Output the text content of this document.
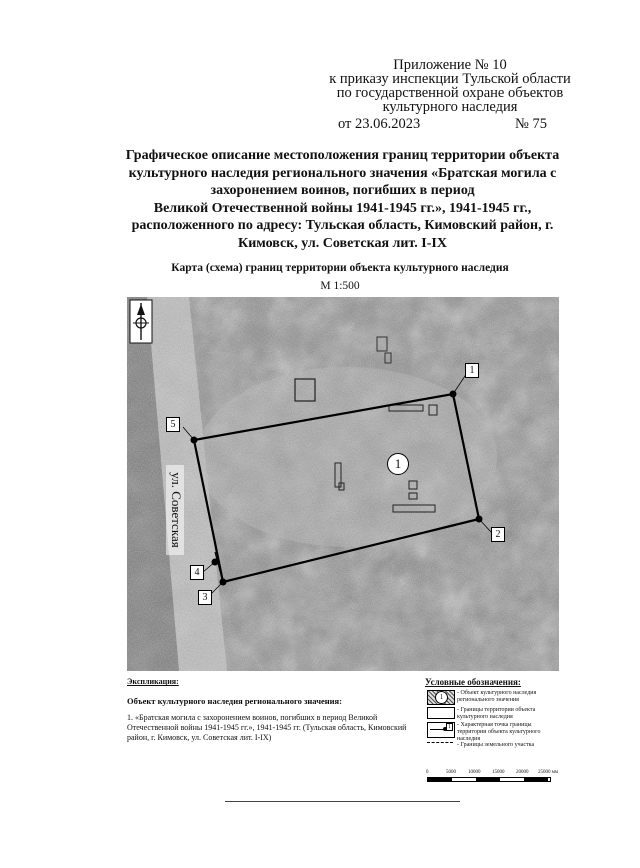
Приложение № 10
к приказу инспекции Тульской области
по государственной охране объектов
культурного наследия
от 23.06.2023	№ 75
Графическое описание местоположения границ территории объекта
культурного наследия регионального значения «Братская могила с
захоронением воинов, погибших в период
Великой Отечественной войны 1941-1945 гг.», 1941-1945 гг.,
расположенного по адресу: Тульская область, Кимовский район, г.
Кимовск, ул. Советская лит. I-IX
Карта (схема) границ территории объекта культурного наследия
М 1:500
1
2
3
4
5
1
ул. Советская
Экспликация:
Объект культурного наследия регионального значения:
1. «Братская могила с захоронением воинов, погибших в период Великой Отечественной войны 1941-1945 гг.», 1941-1945 гг. (Тульская область, Кимовский район, г. Кимовск, ул. Советская лит. I-IX)
Условные обозначения:
1	- Объект культурного наследия регионального значения
- Границы территории объекта культурного наследия
1	- Характерная точка границы территории объекта культурного наследия
- Границы земельного участка
0	5000 10000 15000 20000 25000 мм
